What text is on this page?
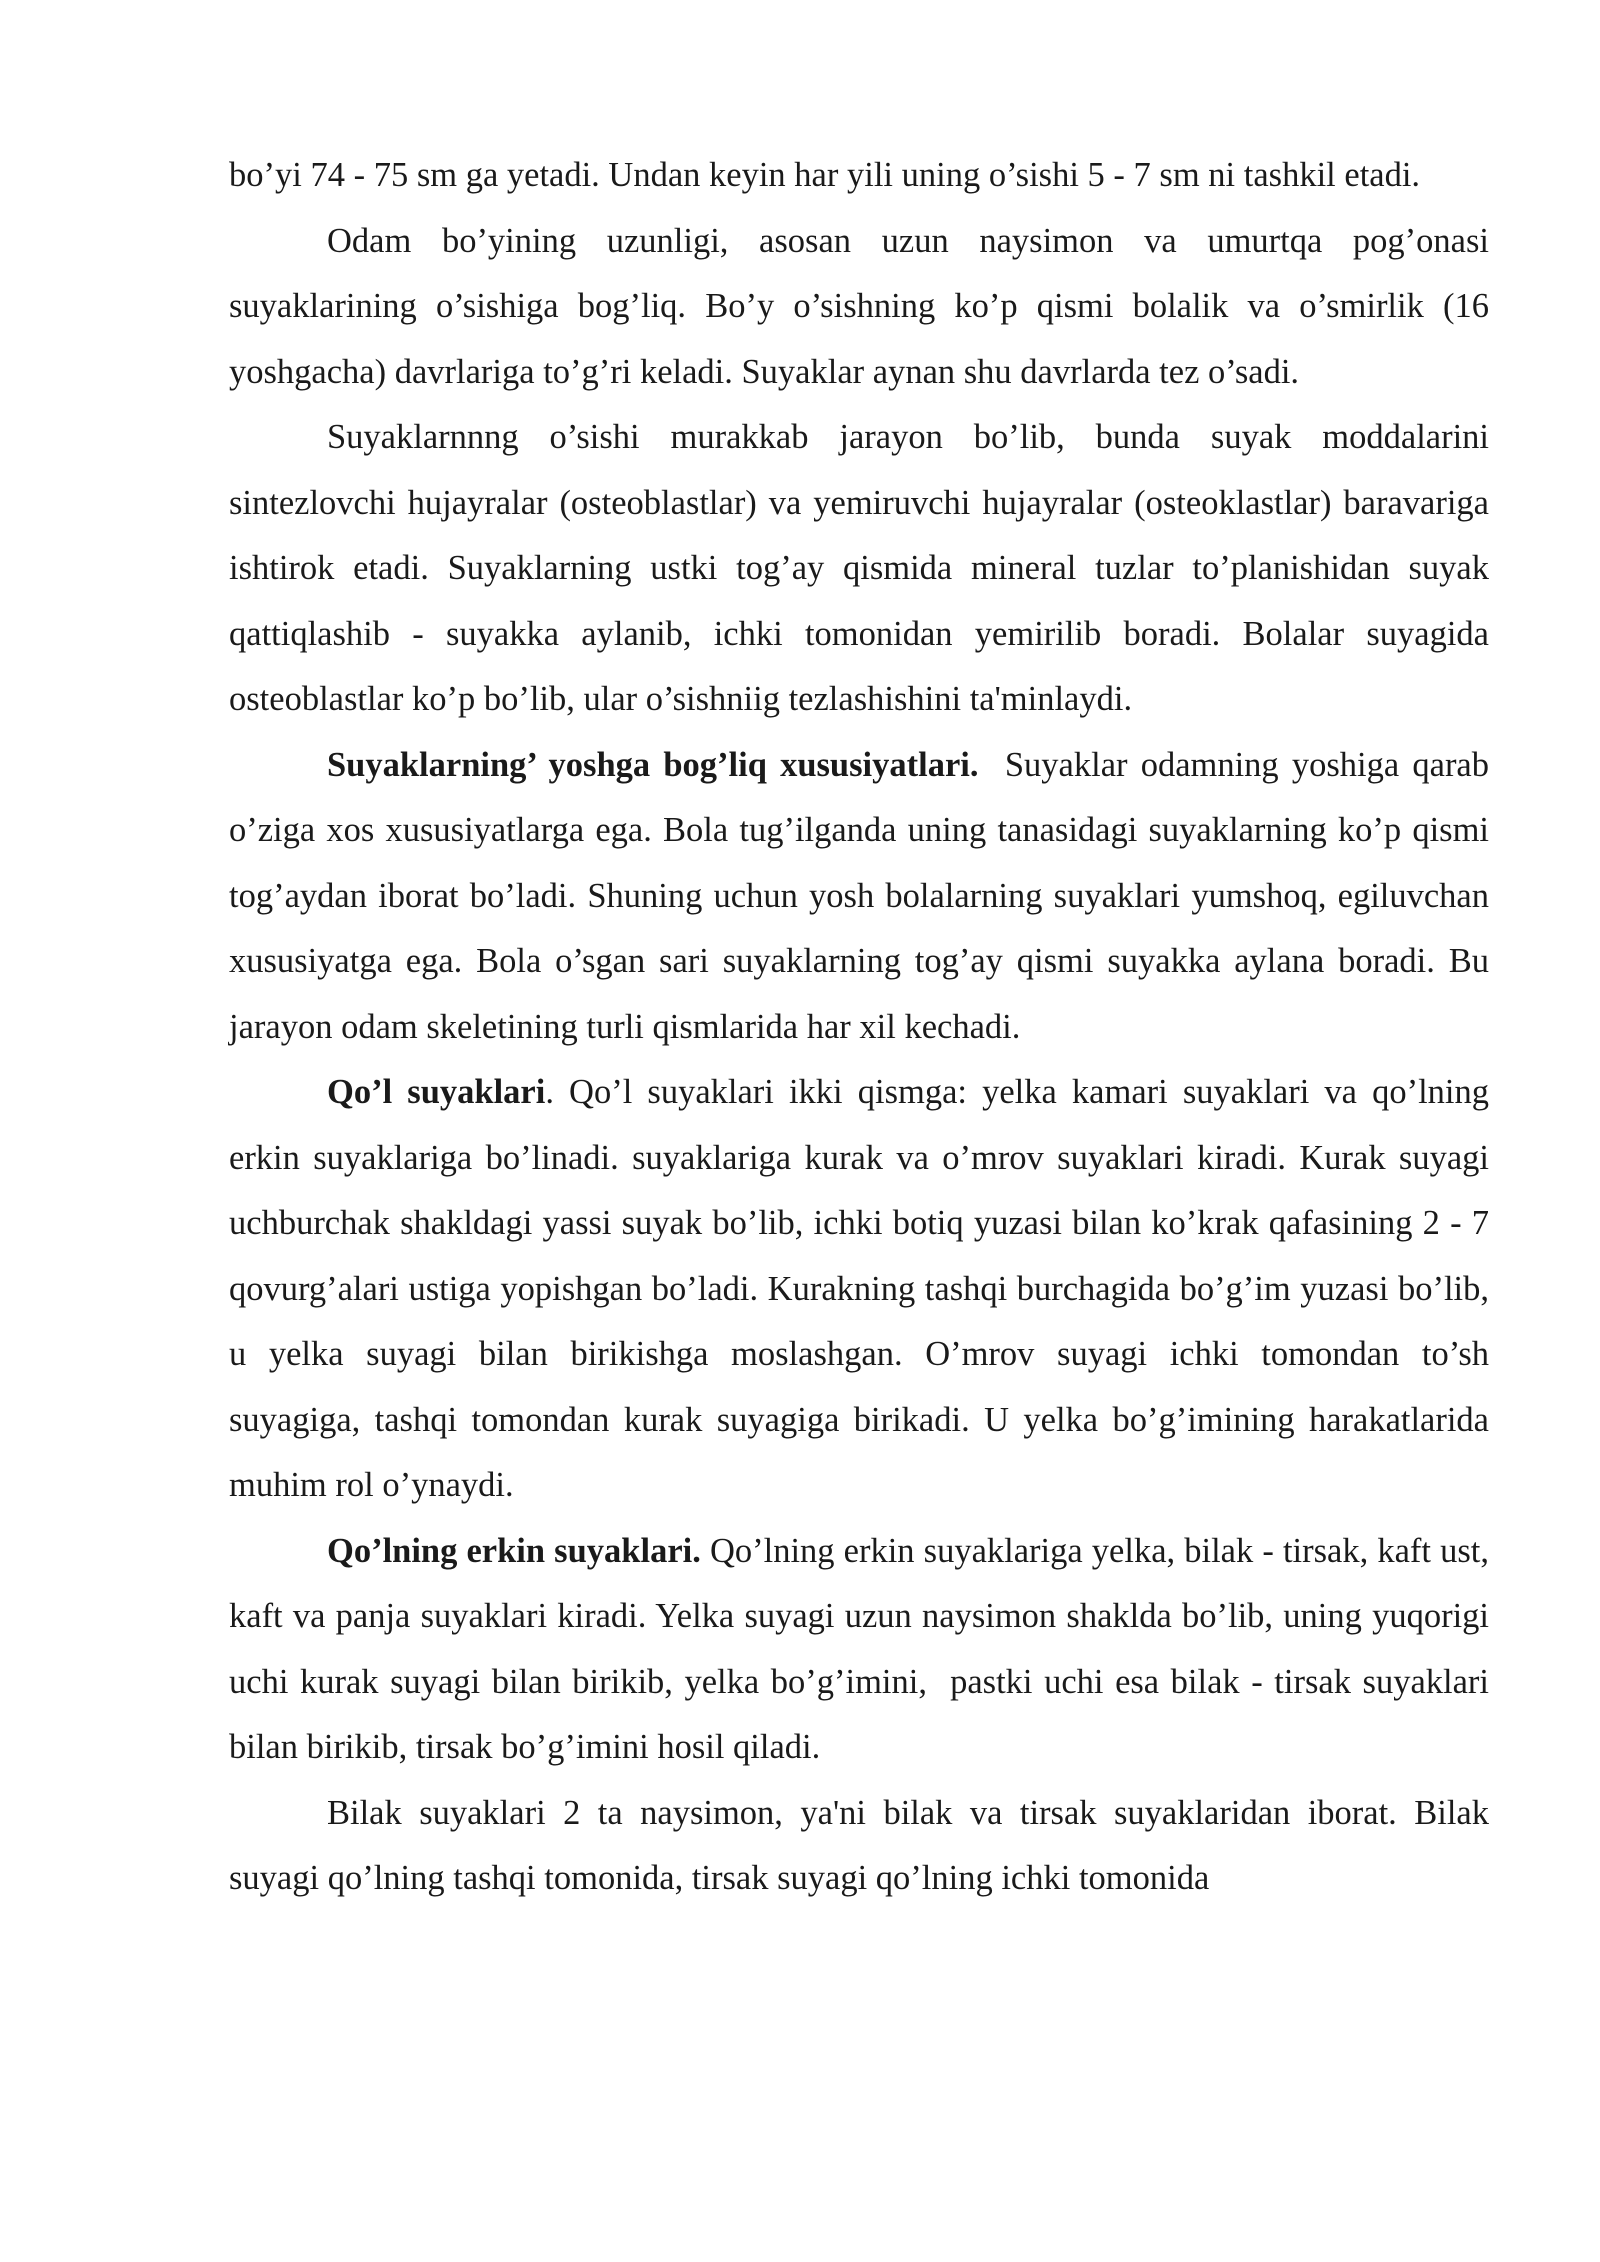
bo’yi 74 - 75 sm ga yetadi. Undan keyin har yili uning o’sishi 5 - 7 sm ni tashkil etadi.

Odam bo’yining uzunligi, asosan uzun naysimon va umurtqa pog’onasi suyaklarining o’sishiga bog’liq. Bo’y o’sishning ko’p qismi bolalik va o’smirlik (16 yoshgacha) davrlariga to’g’ri keladi. Suyaklar aynan shu davrlarda tez o’sadi.

Suyaklarnnng o’sishi murakkab jarayon bo’lib, bunda suyak moddalarini sintezlovchi hujayralar (osteoblastlar) va yemiruvchi hujayralar (osteoklastlar) baravariga ishtirok etadi. Suyaklarning ustki tog’ay qismida mineral tuzlar to’planishidan suyak qattiqlashib - suyakka aylanib, ichki tomonidan yemirilib boradi. Bolalar suyagida osteoblastlar ko’p bo’lib, ular o’sishniig tezlashishini ta'minlaydi.

Suyaklarning’ yoshga bog’liq xususiyatlari.  Suyaklar odamning yoshiga qarab o’ziga xos xususiyatlarga ega. Bola tug’ilganda uning tanasidagi suyaklarning ko’p qismi tog’aydan iborat bo’ladi. Shuning uchun yosh bolalarning suyaklari yumshoq, egiluvchan xususiyatga ega. Bola o’sgan sari suyaklarning tog’ay qismi suyakka aylana boradi. Bu jarayon odam skeletining turli qismlarida har xil kechadi.

Qo’l suyaklari. Qo’l suyaklari ikki qismga: yelka kamari suyaklari va qo’lning erkin suyaklariga bo’linadi. suyaklariga kurak va o’mrov suyaklari kiradi. Kurak suyagi uchburchak shakldagi yassi suyak bo’lib, ichki botiq yuzasi bilan ko’krak qafasining 2 - 7 qovurg’alari ustiga yopishgan bo’ladi. Kurakning tashqi burchagida bo’g’im yuzasi bo’lib, u yelka suyagi bilan birikishga moslashgan. O’mrov suyagi ichki tomondan to’sh suyagiga, tashqi tomondan kurak suyagiga birikadi. U yelka bo’g’imining harakatlarida muhim rol o’ynaydi.

Qo’lning erkin suyaklari. Qo’lning erkin suyaklariga yelka, bilak - tirsak, kaft ust,  kaft va panja suyaklari kiradi. Yelka suyagi uzun naysimon shaklda bo’lib, uning yuqorigi uchi kurak suyagi bilan birikib, yelka bo’g’imini,  pastki uchi esa bilak - tirsak suyaklari bilan birikib, tirsak bo’g’imini hosil qiladi.

Bilak suyaklari 2 ta naysimon, ya'ni bilak va tirsak suyaklaridan iborat. Bilak suyagi qo’lning tashqi tomonida, tirsak suyagi qo’lning ichki tomonida
